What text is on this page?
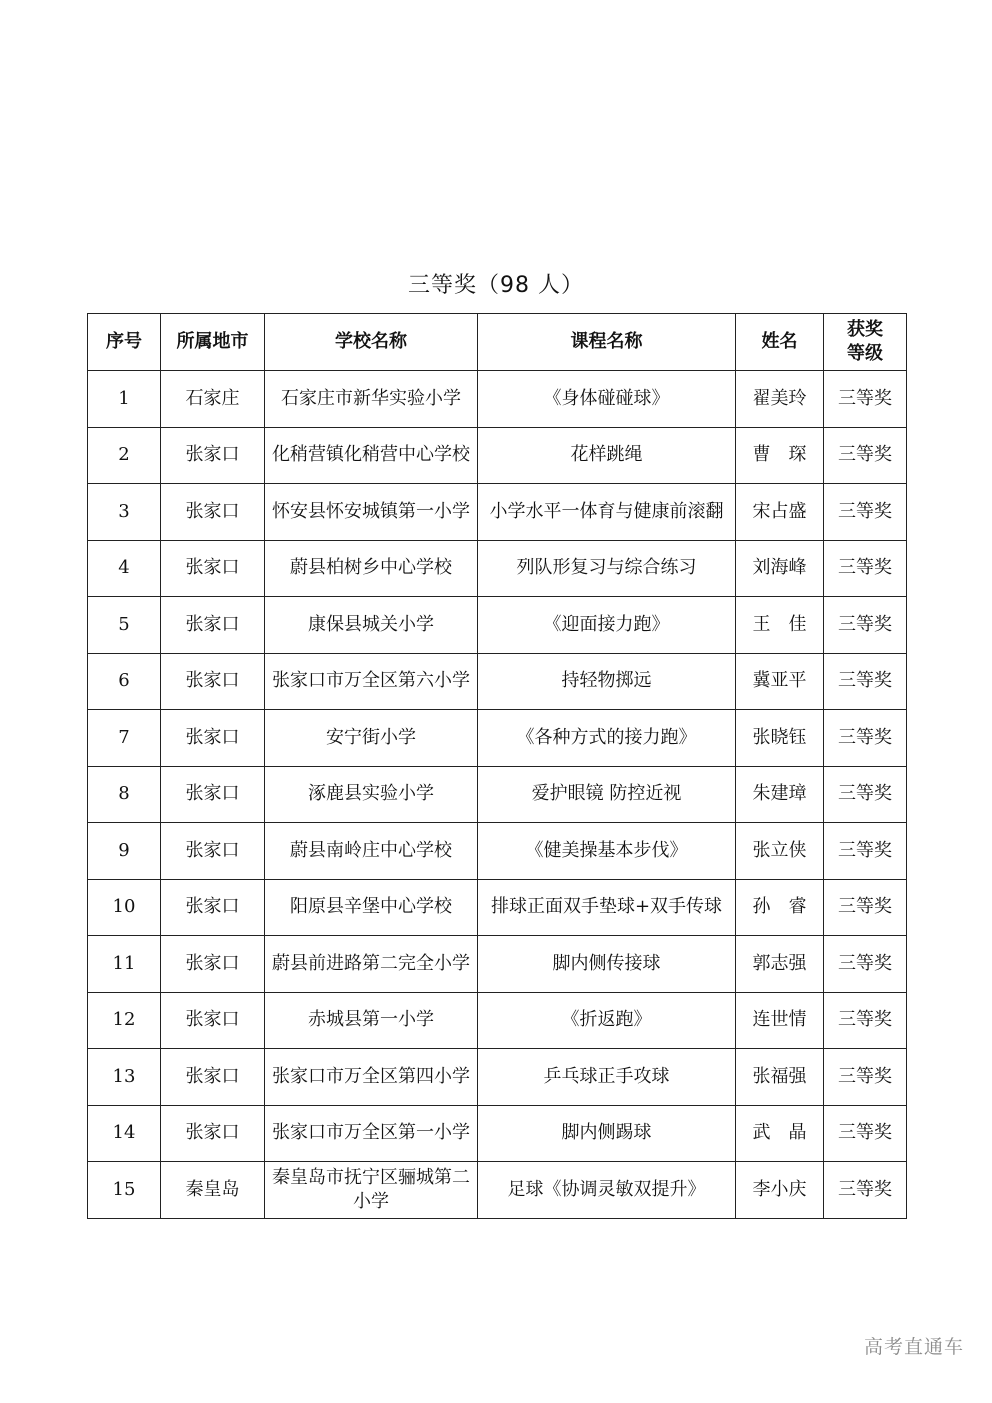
三等奖（98 人）
序号	所属地市	学校名称	课程名称	姓名	获奖
等级

1	石家庄	石家庄市新华实验小学	《身体碰碰球》	翟美玲	三等奖
2	张家口	化稍营镇化稍营中心学校	花样跳绳	曹　琛	三等奖
3	张家口	怀安县怀安城镇第一小学	小学水平一体育与健康前滚翻	宋占盛	三等奖
4	张家口	蔚县柏树乡中心学校	列队形复习与综合练习	刘海峰	三等奖
5	张家口	康保县城关小学	《迎面接力跑》	王　佳	三等奖
6	张家口	张家口市万全区第六小学	持轻物掷远	冀亚平	三等奖
7	张家口	安宁街小学	《各种方式的接力跑》	张晓钰	三等奖
8	张家口	涿鹿县实验小学	爱护眼镜 防控近视	朱建璋	三等奖
9	张家口	蔚县南岭庄中心学校	《健美操基本步伐》	张立侠	三等奖
10	张家口	阳原县辛堡中心学校	排球正面双手垫球+双手传球	孙　睿	三等奖
11	张家口	蔚县前进路第二完全小学	脚内侧传接球	郭志强	三等奖
12	张家口	赤城县第一小学	《折返跑》	连世情	三等奖
13	张家口	张家口市万全区第四小学	乒乓球正手攻球	张福强	三等奖
14	张家口	张家口市万全区第一小学	脚内侧踢球	武　晶	三等奖
15	秦皇岛	秦皇岛市抚宁区骊城第二小学	足球《协调灵敏双提升》	李小庆	三等奖
高考直通车
